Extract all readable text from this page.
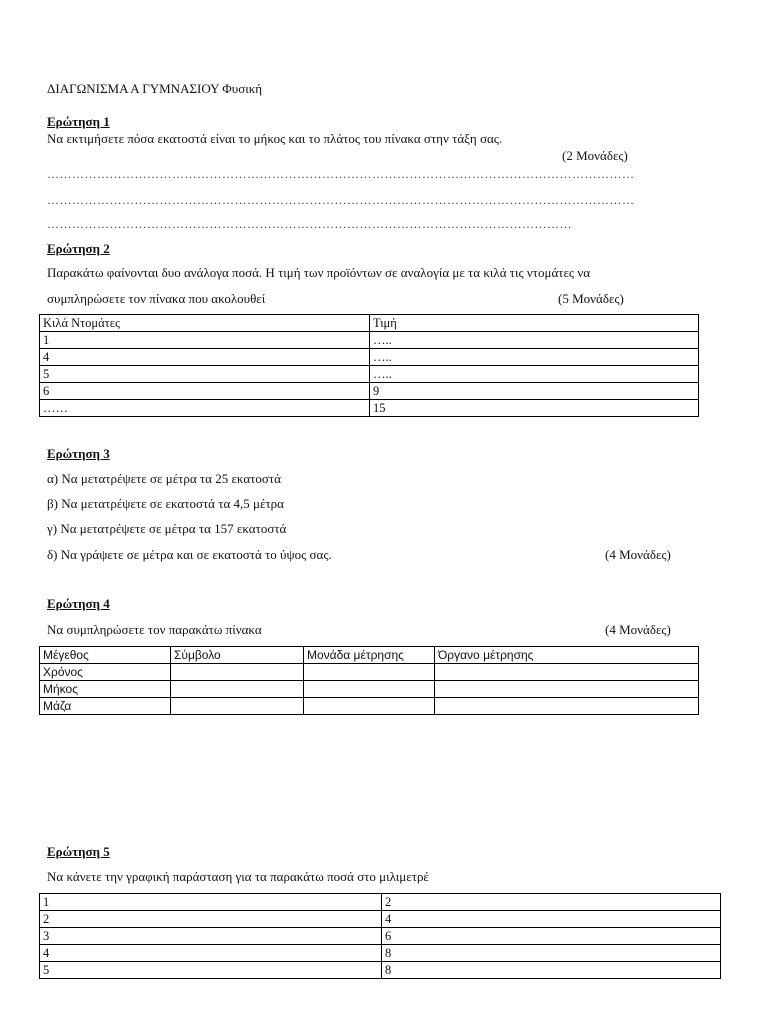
ΔΙΑΓΩΝΙΣΜΑ Α ΓΥΜΝΑΣΙΟΥ Φυσική
Ερώτηση 1
Να εκτιμήσετε πόσα εκατοστά είναι το μήκος και το πλάτος του πίνακα στην τάξη σας.
(2 Μονάδες)
……………………………………………………………………………………………………………………………
……………………………………………………………………………………………………………………………
………………………………………………………………………………………………………………
Ερώτηση 2
Παρακάτω φαίνονται δυο ανάλογα ποσά. Η τιμή των προϊόντων σε αναλογία με τα κιλά τις ντομάτες να
συμπληρώσετε τον πίνακα που ακολουθεί	(5 Μονάδες)
Κιλά Ντομάτες	Τιμή
1	…..
4	…..
5	…..
6	9
……	15
Ερώτηση 3
α) Να μετατρέψετε σε μέτρα τα 25 εκατοστά
β) Να μετατρέψετε σε εκατοστά τα 4,5 μέτρα
γ) Να μετατρέψετε σε μέτρα τα 157 εκατοστά
δ) Να γράψετε σε μέτρα και σε εκατοστά το ύψος σας.	(4 Μονάδες)
Ερώτηση 4
Να συμπληρώσετε τον παρακάτω πίνακα	(4 Μονάδες)
Μέγεθος	Σύμβολο	Μονάδα μέτρησης	Όργανο μέτρησης
Χρόνος			
Μήκος			
Μάζα			
Ερώτηση 5
Να κάνετε την γραφική παράσταση για τα παρακάτω ποσά στο μιλιμετρέ
1	2
2	4
3	6
4	8
5	8
